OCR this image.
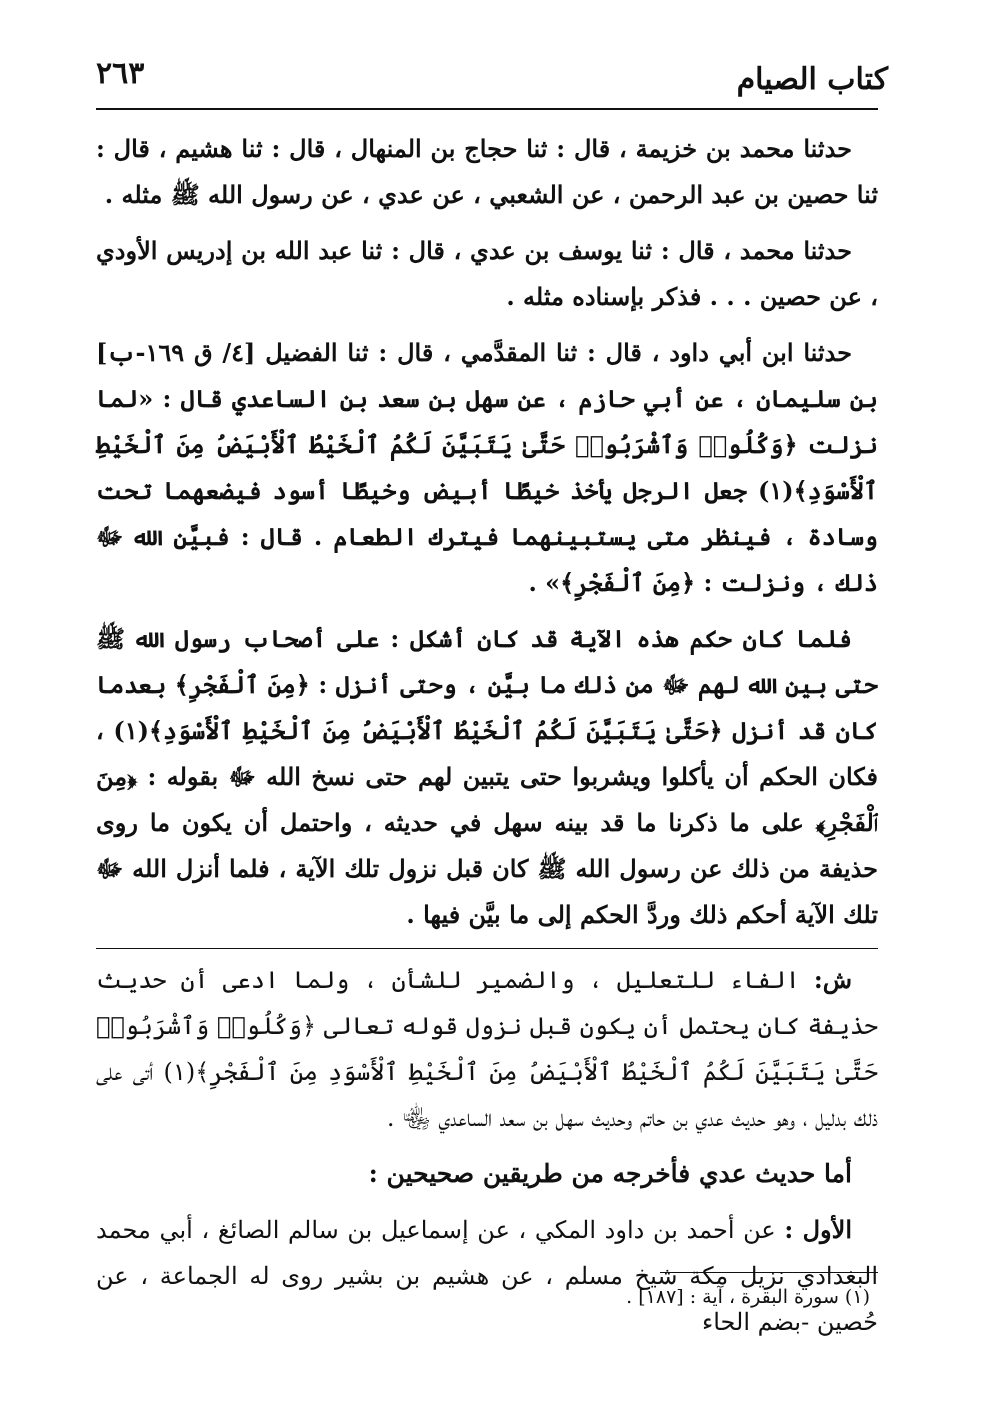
كتاب الصيام
٢٦٣

حدثنا محمد بن خزيمة ، قال : ثنا حجاج بن المنهال ، قال : ثنا هشيم ، قال : ثنا حصين بن عبد الرحمن ، عن الشعبي ، عن عدي ، عن رسول الله ﷺ مثله .

حدثنا محمد ، قال : ثنا يوسف بن عدي ، قال : ثنا عبد الله بن إدريس الأودي ، عن حصين . . . فذكر بإسناده مثله .

حدثنا ابن أبي داود ، قال : ثنا المقدَّمي ، قال : ثنا الفضيل [٤/ ق ١٦٩-ب] بن سليمان ، عن أبي حازم ، عن سهل بن سعد بن الساعدي قال : «لما نزلت ﴿وَكُلُوا۟ وَٱشْرَبُوا۟ حَتَّىٰ يَتَبَيَّنَ لَكُمُ ٱلْخَيْطُ ٱلْأَبْيَضُ مِنَ ٱلْخَيْطِ ٱلْأَسْوَدِ﴾(١) جعل الرجل يأخذ خيطًا أبيض وخيطًا أسود فيضعهما تحت وسادة ، فينظر متى يستبينهما فيترك الطعام . قال : فبيَّن الله ﷻ ذلك ، ونزلت : ﴿مِنَ ٱلْفَجْرِ﴾» .

فلما كان حكم هذه الآية قد كان أشكل : على أصحاب رسول الله ﷺ حتى بين الله لهم ﷻ من ذلك ما بيَّن ، وحتى أنزل : ﴿مِنَ ٱلْفَجْرِ﴾ بعدما كان قد أنزل ﴿حَتَّىٰ يَتَبَيَّنَ لَكُمُ ٱلْخَيْطُ ٱلْأَبْيَضُ مِنَ ٱلْخَيْطِ ٱلْأَسْوَدِ﴾(١) ، فكان الحكم أن يأكلوا ويشربوا حتى يتبين لهم حتى نسخ الله ﷻ بقوله : ﴿مِنَ ٱلْفَجْرِ﴾ على ما ذكرنا ما قد بينه سهل في حديثه ، واحتمل أن يكون ما روى حذيفة من ذلك عن رسول الله ﷺ كان قبل نزول تلك الآية ، فلما أنزل الله ﷻ تلك الآية أحكم ذلك وردَّ الحكم إلى ما بيَّن فيها .

ش: الفاء للتعليل ، والضمير للشأن ، ولما ادعى أن حديث حذيفة كان يحتمل أن يكون قبل نزول قوله تعالى ﴿وَكُلُوا۟ وَٱشْرَبُوا۟ حَتَّىٰ يَتَبَيَّنَ لَكُمُ ٱلْخَيْطُ ٱلْأَبْيَضُ مِنَ ٱلْخَيْطِ ٱلْأَسْوَدِ مِنَ ٱلْفَجْرِ﴾(١) أتى على ذلك بدليل ، وهو حديث عدي بن حاتم وحديث سهل بن سعد الساعدي ﵄ .

أما حديث عدي فأخرجه من طريقين صحيحين :

الأول : عن أحمد بن داود المكي ، عن إسماعيل بن سالم الصائغ ، أبي محمد البغدادي نزيل مكة شيخ مسلم ، عن هشيم بن بشير روى له الجماعة ، عن حُصين -بضم الحاء

(١) سورة البقرة ، آية : [١٨٧] .
